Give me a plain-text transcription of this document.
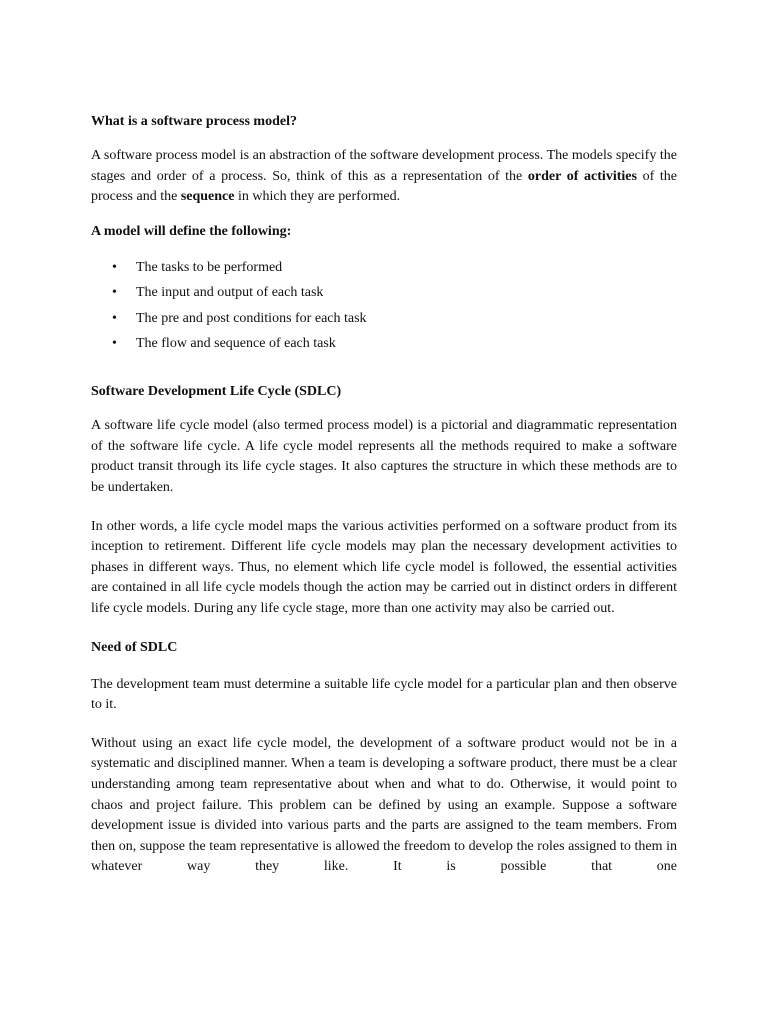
What is a software process model?

A software process model is an abstraction of the software development process. The models specify the stages and order of a process. So, think of this as a representation of the order of activities of the process and the sequence in which they are performed.

A model will define the following:
• The tasks to be performed
• The input and output of each task
• The pre and post conditions for each task
• The flow and sequence of each task
Software Development Life Cycle (SDLC)

A software life cycle model (also termed process model) is a pictorial and diagrammatic representation of the software life cycle. A life cycle model represents all the methods required to make a software product transit through its life cycle stages. It also captures the structure in which these methods are to be undertaken.

In other words, a life cycle model maps the various activities performed on a software product from its inception to retirement. Different life cycle models may plan the necessary development activities to phases in different ways. Thus, no element which life cycle model is followed, the essential activities are contained in all life cycle models though the action may be carried out in distinct orders in different life cycle models. During any life cycle stage, more than one activity may also be carried out.

Need of SDLC

The development team must determine a suitable life cycle model for a particular plan and then observe to it.

Without using an exact life cycle model, the development of a software product would not be in a systematic and disciplined manner. When a team is developing a software product, there must be a clear understanding among team representative about when and what to do. Otherwise, it would point to chaos and project failure. This problem can be defined by using an example. Suppose a software development issue is divided into various parts and the parts are assigned to the team members. From then on, suppose the team representative is allowed the freedom to develop the roles assigned to them in whatever way they like. It is possible that one
